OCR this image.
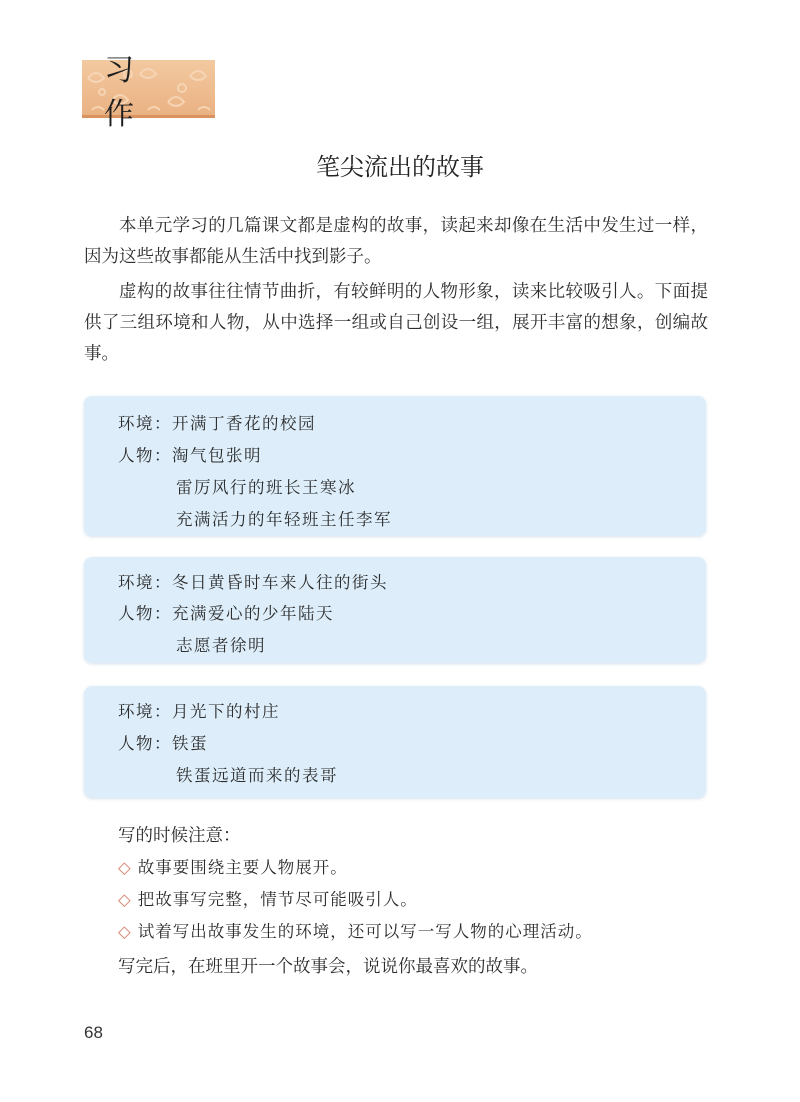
习作
笔尖流出的故事

本单元学习的几篇课文都是虚构的故事，读起来却像在生活中发生过一样，因为这些故事都能从生活中找到影子。

虚构的故事往往情节曲折，有较鲜明的人物形象，读来比较吸引人。下面提供了三组环境和人物，从中选择一组或自己创设一组，展开丰富的想象，创编故事。

环境：开满丁香花的校园
人物：淘气包张明
雷厉风行的班长王寒冰
充满活力的年轻班主任李军
环境：冬日黄昏时车来人往的街头
人物：充满爱心的少年陆天
志愿者徐明
环境：月光下的村庄
人物：铁蛋
铁蛋远道而来的表哥
写的时候注意：
◇ 故事要围绕主要人物展开。
◇ 把故事写完整，情节尽可能吸引人。
◇ 试着写出故事发生的环境，还可以写一写人物的心理活动。
写完后，在班里开一个故事会，说说你最喜欢的故事。
68
